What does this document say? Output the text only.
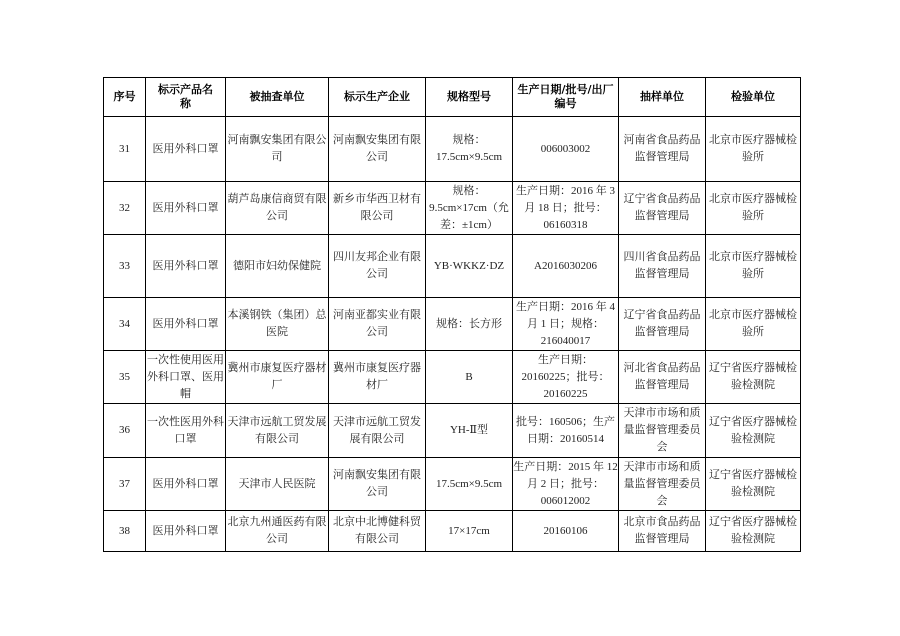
序号	标示产品名称	被抽查单位	标示生产企业	规格型号	生产日期/批号/出厂编号	抽样单位	检验单位
31	医用外科口罩	河南飘安集团有限公司	河南飘安集团有限公司	规格：17.5cm×9.5cm	006003002	河南省食品药品监督管理局	北京市医疗器械检验所
32	医用外科口罩	葫芦岛康信商贸有限公司	新乡市华西卫材有限公司	规格：9.5cm×17cm（允差：±1cm）	生产日期：2016 年 3 月 18 日；批号：06160318	辽宁省食品药品监督管理局	北京市医疗器械检验所
33	医用外科口罩	德阳市妇幼保健院	四川友邦企业有限公司	YB·WKKZ·DZ	A2016030206	四川省食品药品监督管理局	北京市医疗器械检验所
34	医用外科口罩	本溪钢铁（集团）总医院	河南亚都实业有限公司	规格：长方形	生产日期：2016 年 4 月 1 日；规格：216040017	辽宁省食品药品监督管理局	北京市医疗器械检验所
35	一次性使用医用外科口罩、医用帽	冀州市康复医疗器材厂	冀州市康复医疗器材厂	B	生产日期：20160225；批号：20160225	河北省食品药品监督管理局	辽宁省医疗器械检验检测院
36	一次性医用外科口罩	天津市远航工贸发展有限公司	天津市远航工贸发展有限公司	YH-Ⅱ型	批号：160506；生产日期：20160514	天津市市场和质量监督管理委员会	辽宁省医疗器械检验检测院
37	医用外科口罩	天津市人民医院	河南飘安集团有限公司	17.5cm×9.5cm	生产日期：2015 年 12 月 2 日；批号：006012002	天津市市场和质量监督管理委员会	辽宁省医疗器械检验检测院
38	医用外科口罩	北京九州通医药有限公司	北京中北博健科贸有限公司	17×17cm	20160106	北京市食品药品监督管理局	辽宁省医疗器械检验检测院
